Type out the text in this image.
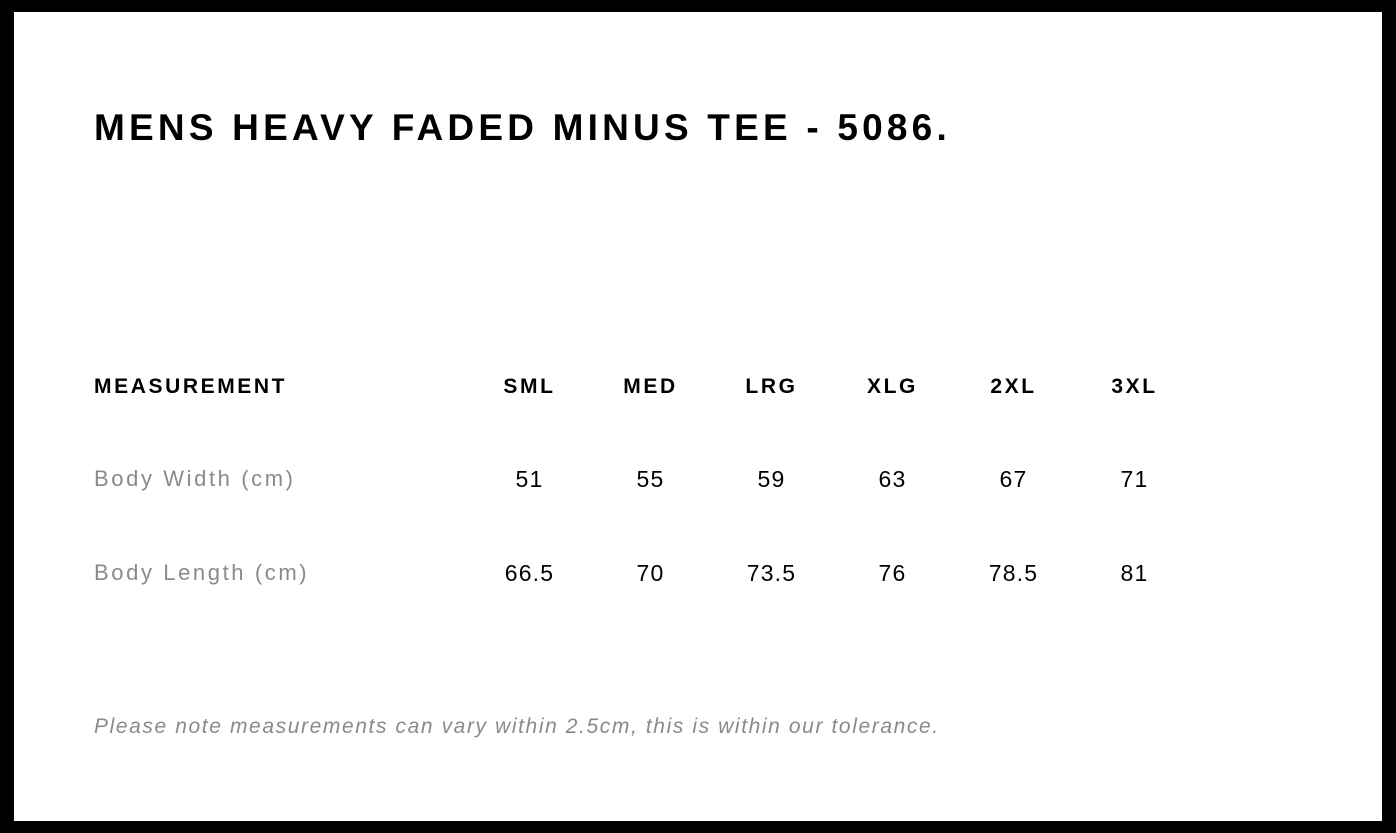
MENS HEAVY FADED MINUS TEE - 5086.
MEASUREMENT	SML	MED	LRG	XLG	2XL	3XL
Body Width (cm)	51	55	59	63	67	71
Body Length (cm)	66.5	70	73.5	76	78.5	81
Please note measurements can vary within 2.5cm, this is within our tolerance.
